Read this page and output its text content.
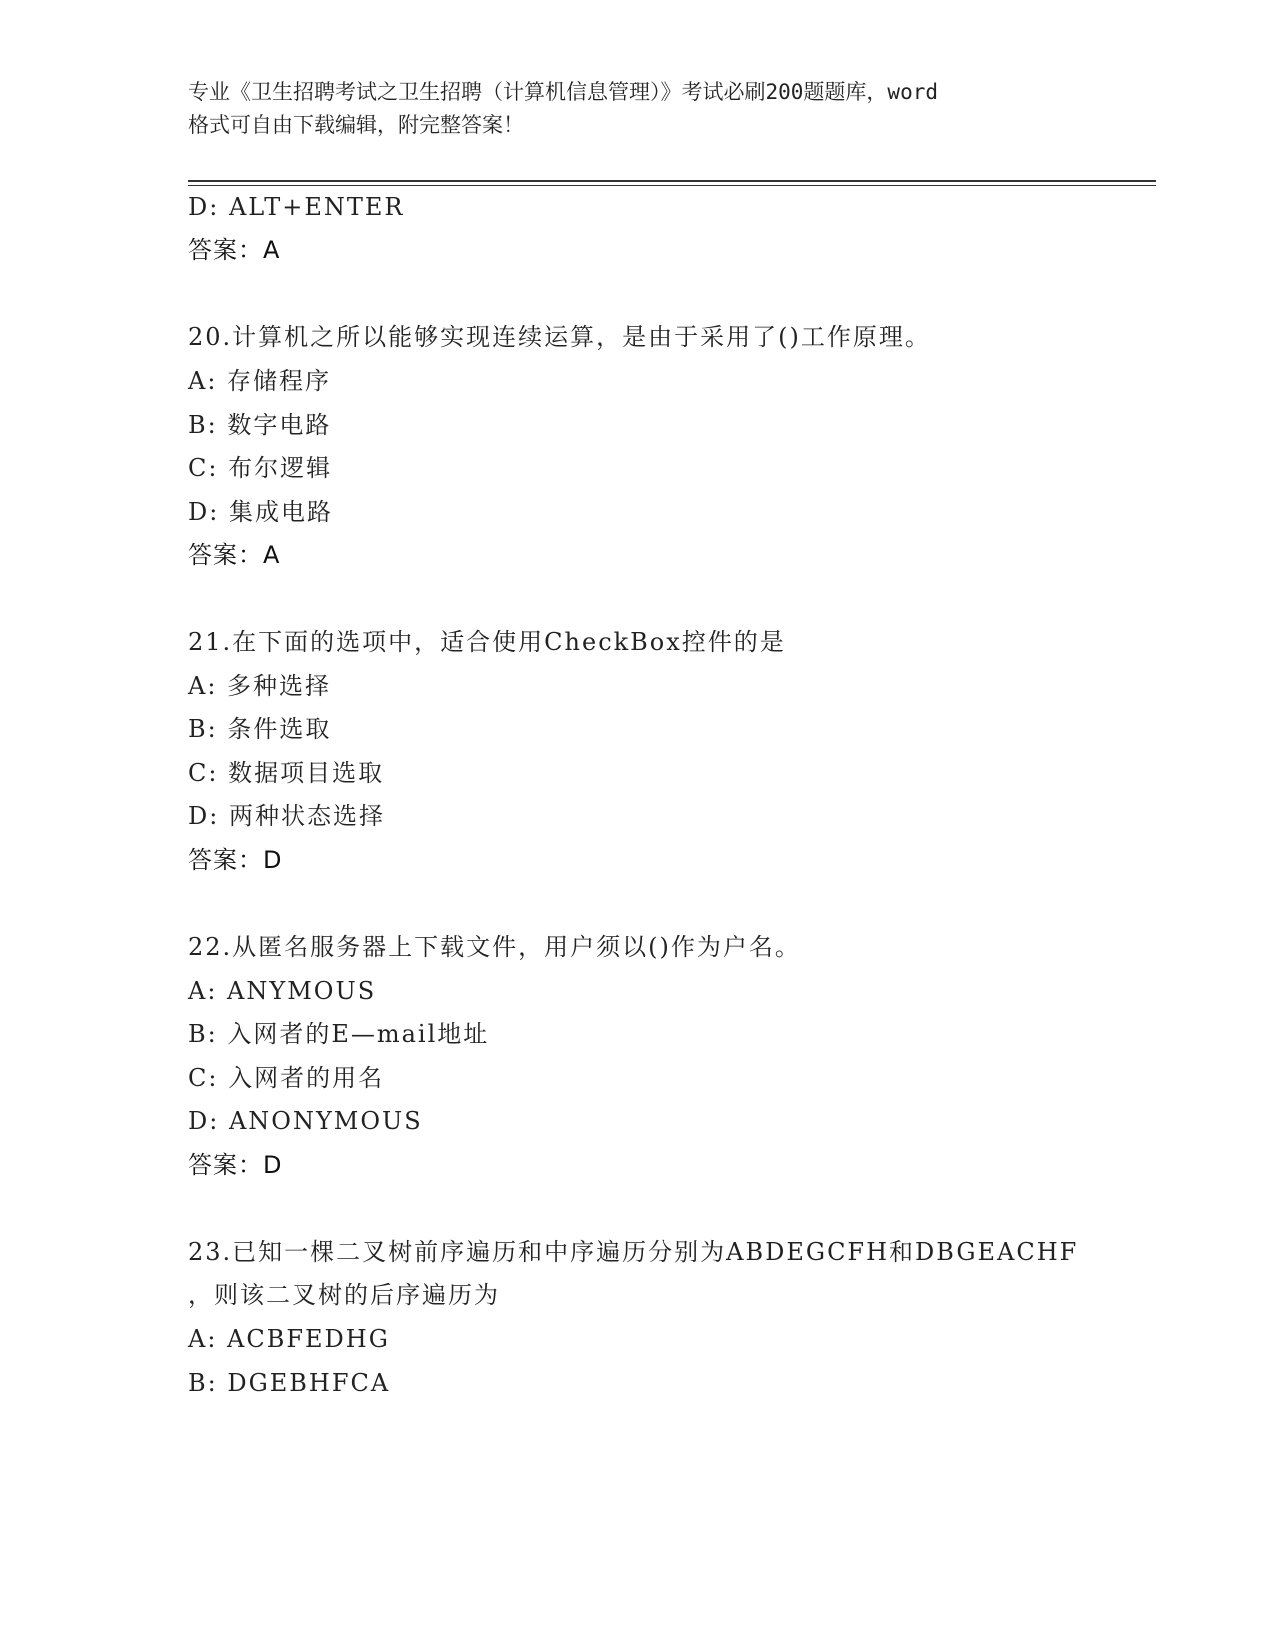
专业《卫生招聘考试之卫生招聘（计算机信息管理）》考试必刷200题题库，word
格式可自由下载编辑，附完整答案！
D: ALT+ENTER
答案：A
20.计算机之所以能够实现连续运算，是由于采用了()工作原理。
A: 存储程序
B: 数字电路
C: 布尔逻辑
D: 集成电路
答案：A
21.在下面的选项中，适合使用CheckBox控件的是
A: 多种选择
B: 条件选取
C: 数据项目选取
D: 两种状态选择
答案：D
22.从匿名服务器上下载文件，用户须以()作为户名。
A: ANYMOUS
B: 入网者的E—mail地址
C: 入网者的用名
D: ANONYMOUS
答案：D
23.已知一棵二叉树前序遍历和中序遍历分别为ABDEGCFH和DBGEACHF
，则该二叉树的后序遍历为
A: ACBFEDHG
B: DGEBHFCA
